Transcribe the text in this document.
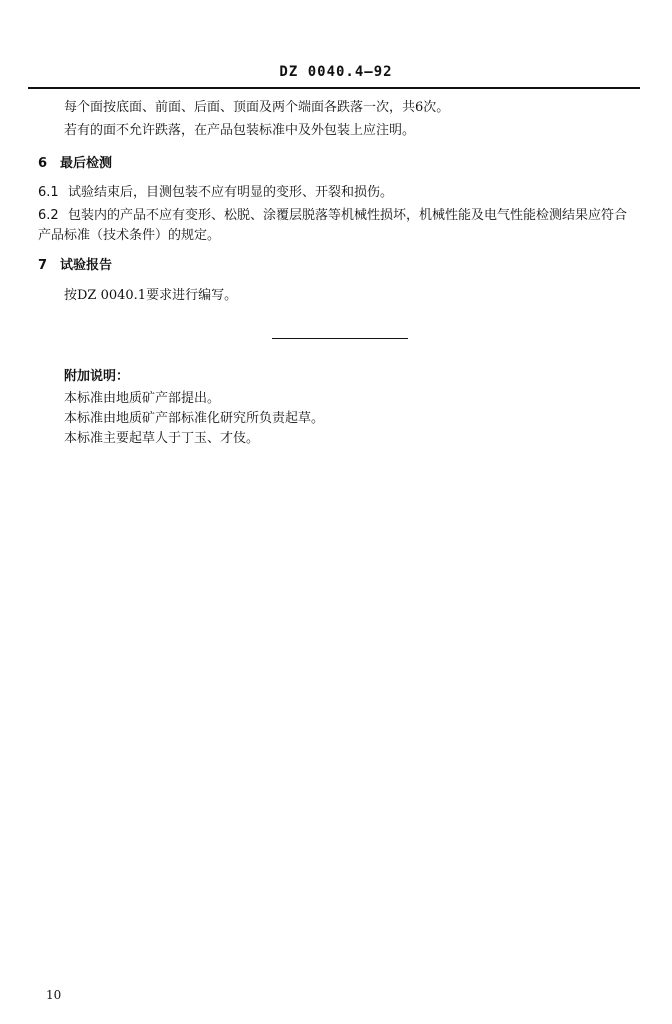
DZ 0040.4—92
每个面按底面、前面、后面、顶面及两个端面各跌落一次，共6次。
若有的面不允许跌落，在产品包装标准中及外包装上应注明。
6 最后检测
6.1 试验结束后，目测包装不应有明显的变形、开裂和损伤。
6.2 包装内的产品不应有变形、松脱、涂覆层脱落等机械性损坏，机械性能及电气性能检测结果应符合
产品标准（技术条件）的规定。
7 试验报告
按DZ 0040.1要求进行编写。
附加说明：
本标准由地质矿产部提出。
本标准由地质矿产部标准化研究所负责起草。
本标准主要起草人于丁玉、才伎。
10
